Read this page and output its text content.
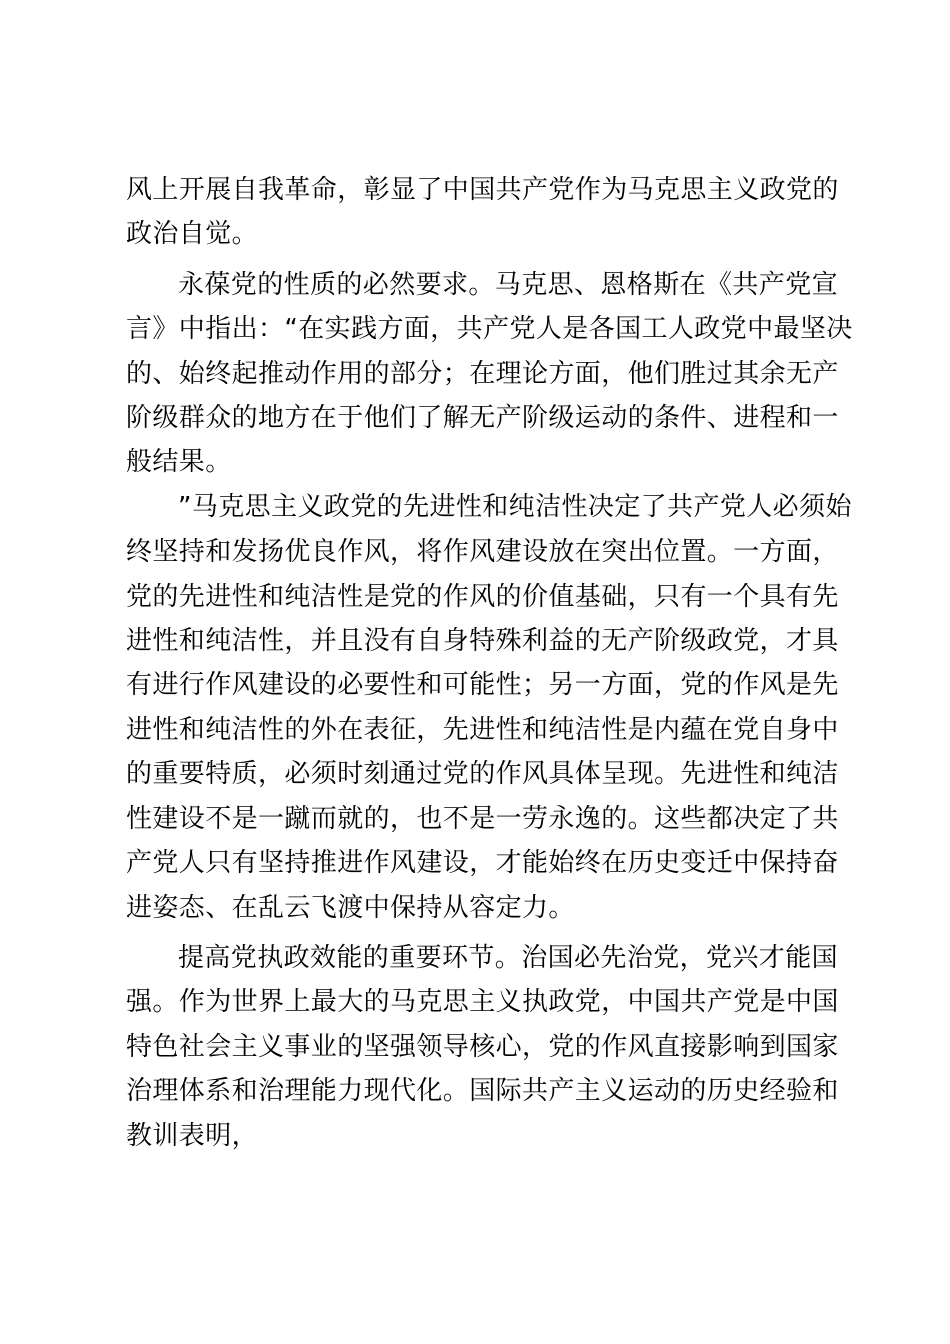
风上开展自我革命，彰显了中国共产党作为马克思主义政党的
政治自觉。
永葆党的性质的必然要求。马克思、恩格斯在《共产党宣
言》中指出：“在实践方面，共产党人是各国工人政党中最坚决
的、始终起推动作用的部分；在理论方面，他们胜过其余无产
阶级群众的地方在于他们了解无产阶级运动的条件、进程和一
般结果。
”马克思主义政党的先进性和纯洁性决定了共产党人必须始
终坚持和发扬优良作风，将作风建设放在突出位置。一方面，
党的先进性和纯洁性是党的作风的价值基础，只有一个具有先
进性和纯洁性，并且没有自身特殊利益的无产阶级政党，才具
有进行作风建设的必要性和可能性；另一方面，党的作风是先
进性和纯洁性的外在表征，先进性和纯洁性是内蕴在党自身中
的重要特质，必须时刻通过党的作风具体呈现。先进性和纯洁
性建设不是一蹴而就的，也不是一劳永逸的。这些都决定了共
产党人只有坚持推进作风建设，才能始终在历史变迁中保持奋
进姿态、在乱云飞渡中保持从容定力。
提高党执政效能的重要环节。治国必先治党，党兴才能国
强。作为世界上最大的马克思主义执政党，中国共产党是中国
特色社会主义事业的坚强领导核心，党的作风直接影响到国家
治理体系和治理能力现代化。国际共产主义运动的历史经验和
教训表明，
